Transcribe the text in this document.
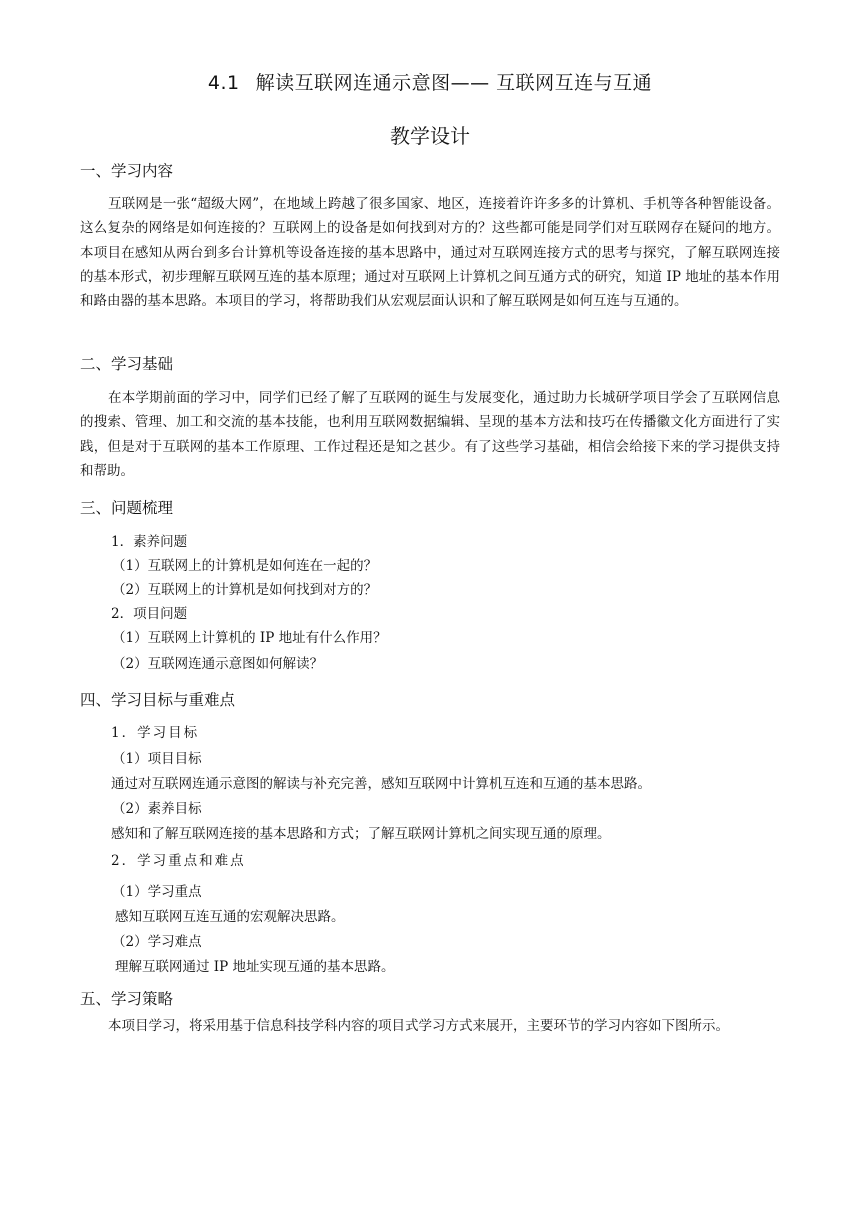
4.1 解读互联网连通示意图—— 互联网互连与互通
教学设计
一、学习内容

互联网是一张“超级大网”，在地域上跨越了很多国家、地区，连接着许许多多的计算机、手机等各种智能设备。这么复杂的网络是如何连接的？互联网上的设备是如何找到对方的？这些都可能是同学们对互联网存在疑问的地方。本项目在感知从两台到多台计算机等设备连接的基本思路中，通过对互联网连接方式的思考与探究，了解互联网连接的基本形式，初步理解互联网互连的基本原理；通过对互联网上计算机之间互通方式的研究，知道 IP 地址的基本作用和路由器的基本思路。本项目的学习，将帮助我们从宏观层面认识和了解互联网是如何互连与互通的。

二、学习基础

在本学期前面的学习中，同学们已经了解了互联网的诞生与发展变化，通过助力长城研学项目学会了互联网信息的搜索、管理、加工和交流的基本技能，也利用互联网数据编辑、呈现的基本方法和技巧在传播徽文化方面进行了实践，但是对于互联网的基本工作原理、工作过程还是知之甚少。有了这些学习基础，相信会给接下来的学习提供支持和帮助。

三、问题梳理

1．素养问题

（1）互联网上的计算机是如何连在一起的？

（2）互联网上的计算机是如何找到对方的？

2．项目问题

（1）互联网上计算机的 IP 地址有什么作用？

（2）互联网连通示意图如何解读？

四、学习目标与重难点

1．学习目标

（1）项目目标

通过对互联网连通示意图的解读与补充完善，感知互联网中计算机互连和互通的基本思路。

（2）素养目标

感知和了解互联网连接的基本思路和方式；了解互联网计算机之间实现互通的原理。

2．学习重点和难点

（1）学习重点

感知互联网互连互通的宏观解决思路。

（2）学习难点

理解互联网通过 IP 地址实现互通的基本思路。

五、学习策略

本项目学习，将采用基于信息科技学科内容的项目式学习方式来展开，主要环节的学习内容如下图所示。
